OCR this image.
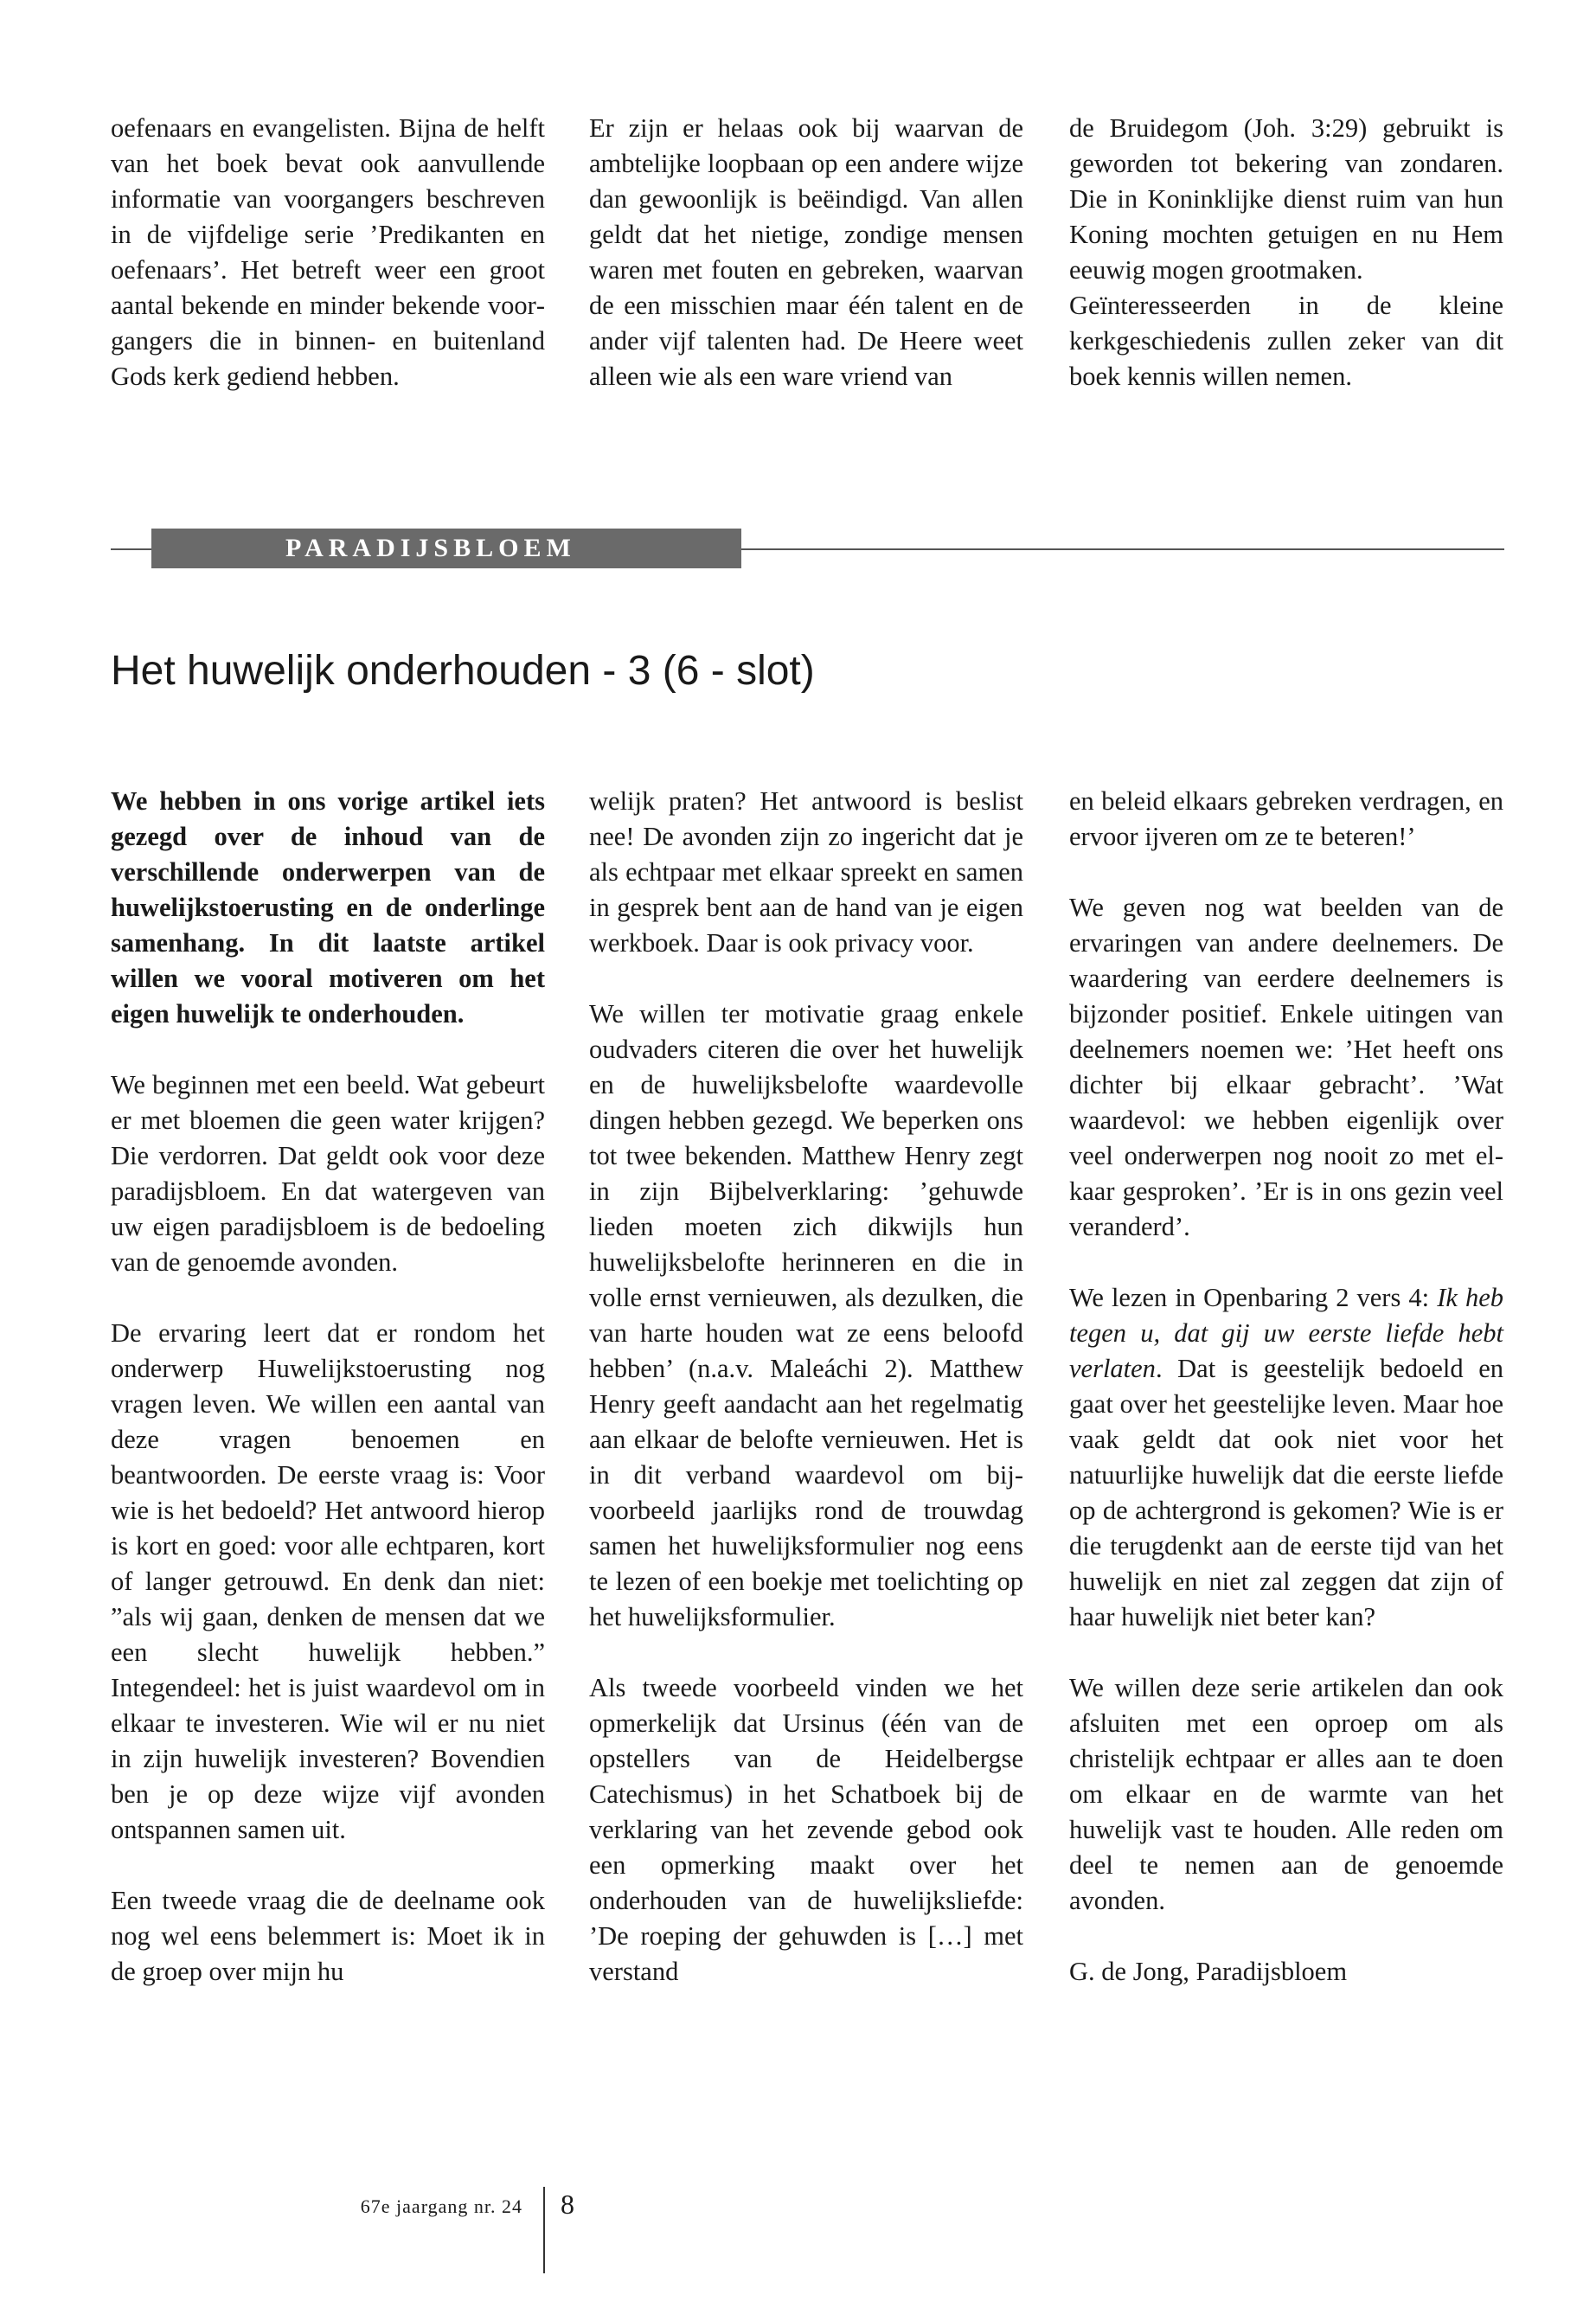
oefenaars en evangelisten. Bijna de helft van het boek bevat ook aanvullende informatie van voorgangers beschreven in de vijfdelige serie ’Predikanten en oefenaars’. Het betreft weer een groot aantal bekende en minder bekende voorgangers die in binnen- en buitenland Gods kerk gediend hebben.

Er zijn er helaas ook bij waarvan de ambtelijke loopbaan op een andere wijze dan gewoonlijk is beëindigd. Van allen geldt dat het nietige, zondige mensen waren met fouten en gebreken, waarvan de een misschien maar één talent en de ander vijf talenten had. De Heere weet alleen wie als een ware vriend van

de Bruidegom (Joh. 3:29) gebruikt is geworden tot bekering van zondaren. Die in Koninklijke dienst ruim van hun Koning mochten getuigen en nu Hem eeuwig mogen grootmaken.

Geïnteresseerden in de kleine kerkgeschiedenis zullen zeker van dit boek kennis willen nemen.

PARADIJSBLOEM
Het huwelijk onderhouden - 3 (6 - slot)

We hebben in ons vorige artikel iets gezegd over de inhoud van de verschillende onderwerpen van de huwelijkstoerusting en de onderlinge samenhang. In dit laatste artikel willen we vooral motiveren om het eigen huwelijk te onderhouden.

We beginnen met een beeld. Wat gebeurt er met bloemen die geen water krijgen? Die verdorren. Dat geldt ook voor deze paradijsbloem. En dat watergeven van uw eigen paradijsbloem is de bedoeling van de genoemde avonden.

De ervaring leert dat er rondom het onderwerp Huwelijkstoerusting nog vragen leven. We willen een aantal van deze vragen benoemen en beantwoorden. De eerste vraag is: Voor wie is het bedoeld? Het antwoord hierop is kort en goed: voor alle echtparen, kort of langer getrouwd. En denk dan niet: ”als wij gaan, denken de mensen dat we een slecht huwelijk hebben.” Integendeel: het is juist waardevol om in elkaar te investeren. Wie wil er nu niet in zijn huwelijk investeren? Bovendien ben je op deze wijze vijf avonden ontspannen samen uit.

Een tweede vraag die de deelname ook nog wel eens belemmert is: Moet ik in de groep over mijn hu

welijk praten? Het antwoord is beslist nee! De avonden zijn zo ingericht dat je als echtpaar met elkaar spreekt en samen in gesprek bent aan de hand van je eigen werkboek. Daar is ook privacy voor.

We willen ter motivatie graag enkele oudvaders citeren die over het huwelijk en de huwelijksbelofte waardevolle dingen hebben gezegd. We beperken ons tot twee bekenden. Matthew Henry zegt in zijn Bijbelverklaring: ’gehuwde lieden moeten zich dikwijls hun huwelijksbelofte herinneren en die in volle ernst vernieuwen, als dezulken, die van harte houden wat ze eens beloofd hebben’ (n.a.v. Maleáchi 2). Matthew Henry geeft aandacht aan het regelmatig aan elkaar de belofte vernieuwen. Het is in dit verband waardevol om bijvoorbeeld jaarlijks rond de trouwdag samen het huwelijksformulier nog eens te lezen of een boekje met toelichting op het huwelijksformulier.

Als tweede voorbeeld vinden we het opmerkelijk dat Ursinus (één van de opstellers van de Heidelbergse Catechismus) in het Schatboek bij de verklaring van het zevende gebod ook een opmerking maakt over het onderhouden van de huwelijksliefde: ’De roeping der gehuwden is […] met verstand

en beleid elkaars gebreken verdragen, en ervoor ijveren om ze te beteren!’

We geven nog wat beelden van de ervaringen van andere deelnemers. De waardering van eerdere deelnemers is bijzonder positief. Enkele uitingen van deelnemers noemen we: ’Het heeft ons dichter bij elkaar gebracht’. ’Wat waardevol: we hebben eigenlijk over veel onderwerpen nog nooit zo met elkaar gesproken’. ’Er is in ons gezin veel veranderd’.

We lezen in Openbaring 2 vers 4: Ik heb tegen u, dat gij uw eerste liefde hebt verlaten. Dat is geestelijk bedoeld en gaat over het geestelijke leven. Maar hoe vaak geldt dat ook niet voor het natuurlijke huwelijk dat die eerste liefde op de achtergrond is gekomen? Wie is er die terugdenkt aan de eerste tijd van het huwelijk en niet zal zeggen dat zijn of haar huwelijk niet beter kan?

We willen deze serie artikelen dan ook afsluiten met een oproep om als christelijk echtpaar er alles aan te doen om elkaar en de warmte van het huwelijk vast te houden. Alle reden om deel te nemen aan de genoemde avonden.

G. de Jong, Paradijsbloem

67e jaargang nr. 24 8
